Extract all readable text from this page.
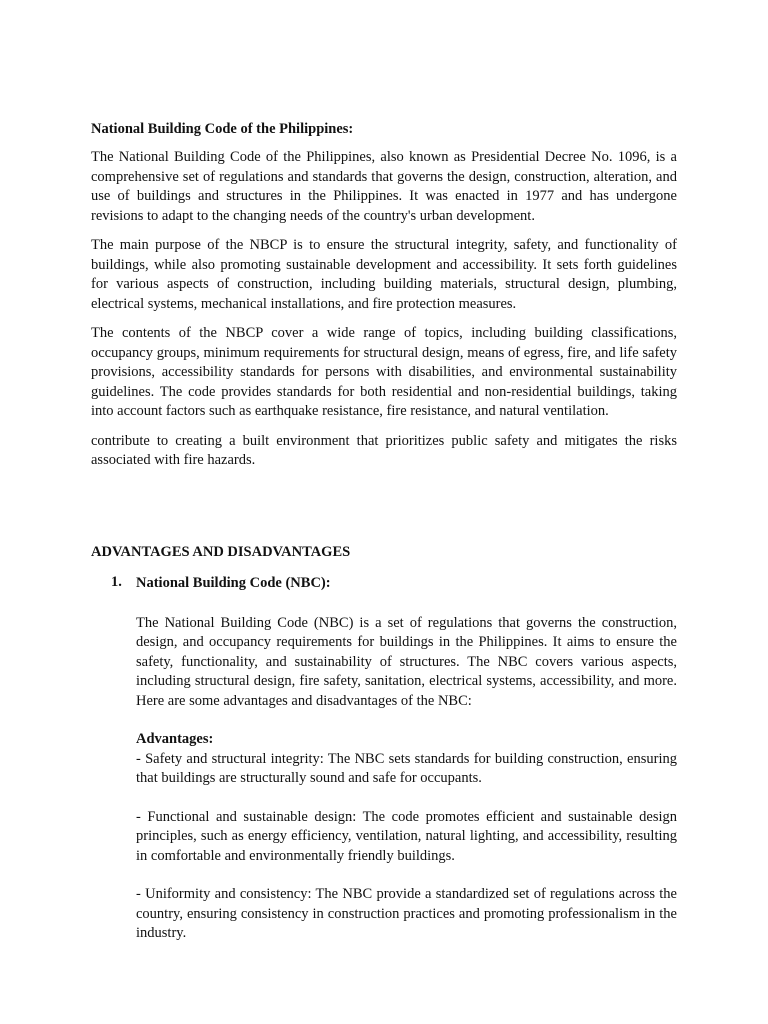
National Building Code of the Philippines:

The National Building Code of the Philippines, also known as Presidential Decree No. 1096, is a comprehensive set of regulations and standards that governs the design, construction, alteration, and use of buildings and structures in the Philippines. It was enacted in 1977 and has undergone revisions to adapt to the changing needs of the country's urban development.

The main purpose of the NBCP is to ensure the structural integrity, safety, and functionality of buildings, while also promoting sustainable development and accessibility. It sets forth guidelines for various aspects of construction, including building materials, structural design, plumbing, electrical systems, mechanical installations, and fire protection measures.

The contents of the NBCP cover a wide range of topics, including building classifications, occupancy groups, minimum requirements for structural design, means of egress, fire, and life safety provisions, accessibility standards for persons with disabilities, and environmental sustainability guidelines. The code provides standards for both residential and non-residential buildings, taking into account factors such as earthquake resistance, fire resistance, and natural ventilation.

contribute to creating a built environment that prioritizes public safety and mitigates the risks associated with fire hazards.

ADVANTAGES AND DISADVANTAGES
1. National Building Code (NBC):

The National Building Code (NBC) is a set of regulations that governs the construction, design, and occupancy requirements for buildings in the Philippines. It aims to ensure the safety, functionality, and sustainability of structures. The NBC covers various aspects, including structural design, fire safety, sanitation, electrical systems, accessibility, and more. Here are some advantages and disadvantages of the NBC:

Advantages:

- Safety and structural integrity: The NBC sets standards for building construction, ensuring that buildings are structurally sound and safe for occupants.

- Functional and sustainable design: The code promotes efficient and sustainable design principles, such as energy efficiency, ventilation, natural lighting, and accessibility, resulting in comfortable and environmentally friendly buildings.

- Uniformity and consistency: The NBC provide a standardized set of regulations across the country, ensuring consistency in construction practices and promoting professionalism in the industry.
